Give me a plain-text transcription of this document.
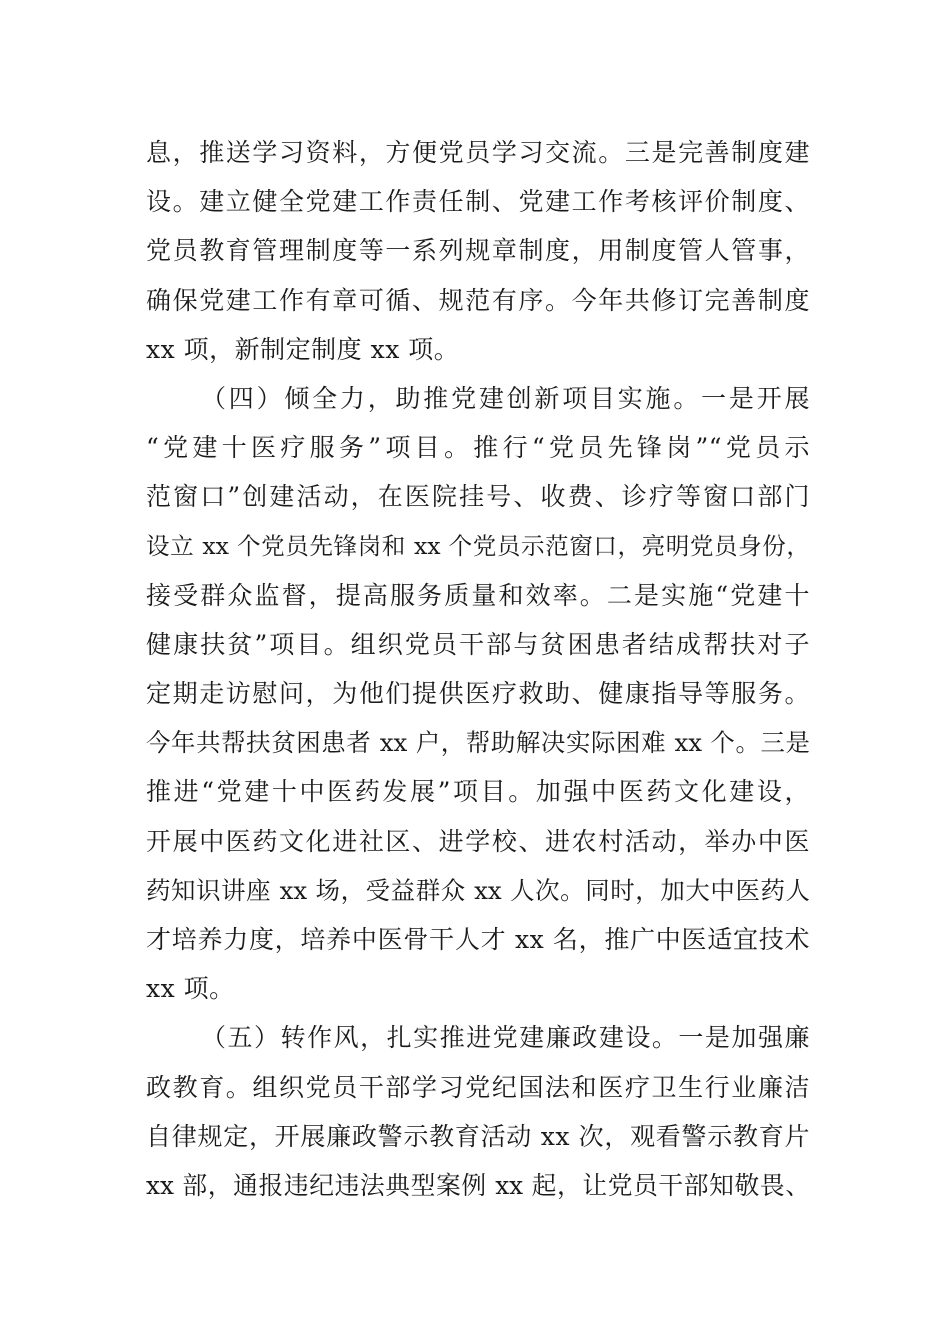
息，推送学习资料，方便党员学习交流。三是完善制度建
设。建立健全党建工作责任制、党建工作考核评价制度、
党员教育管理制度等一系列规章制度，用制度管人管事，
确保党建工作有章可循、规范有序。今年共修订完善制度
xx 项，新制定制度 xx 项。
（四）倾全力，助推党建创新项目实施。一是开展
“党建十医疗服务”项目。推行“党员先锋岗”“党员示
范窗口”创建活动，在医院挂号、收费、诊疗等窗口部门
设立 xx 个党员先锋岗和 xx 个党员示范窗口，亮明党员身份，
接受群众监督，提高服务质量和效率。二是实施“党建十
健康扶贫”项目。组织党员干部与贫困患者结成帮扶对子
定期走访慰问，为他们提供医疗救助、健康指导等服务。
今年共帮扶贫困患者 xx 户，帮助解决实际困难 xx 个。三是
推进“党建十中医药发展”项目。加强中医药文化建设，
开展中医药文化进社区、进学校、进农村活动，举办中医
药知识讲座 xx 场，受益群众 xx 人次。同时，加大中医药人
才培养力度，培养中医骨干人才 xx 名，推广中医适宜技术
xx 项。
（五）转作风，扎实推进党建廉政建设。一是加强廉
政教育。组织党员干部学习党纪国法和医疗卫生行业廉洁
自律规定，开展廉政警示教育活动 xx 次，观看警示教育片
xx 部，通报违纪违法典型案例 xx 起，让党员干部知敬畏、
